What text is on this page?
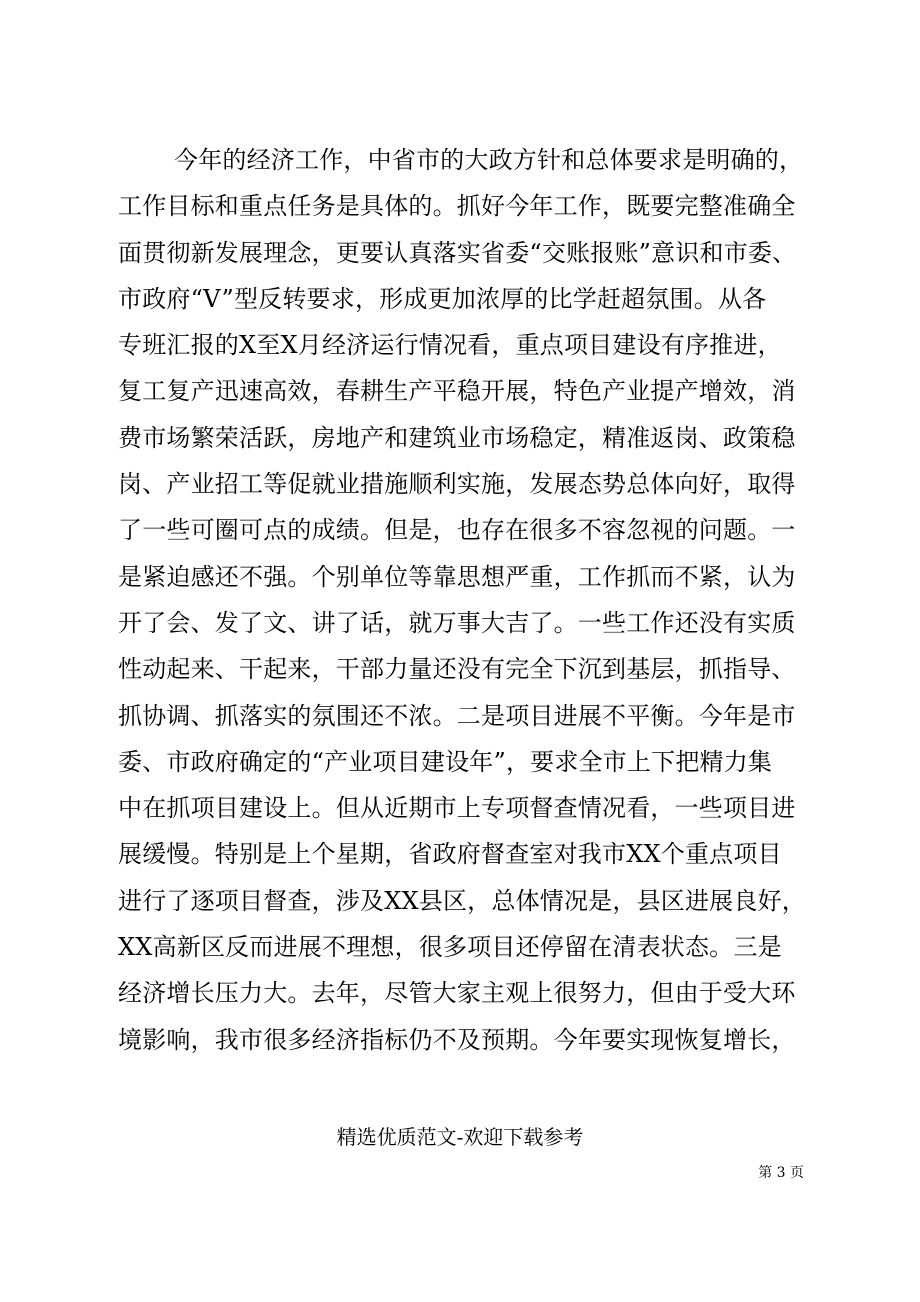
今年的经济工作，中省市的大政方针和总体要求是明确的，
工作目标和重点任务是具体的。抓好今年工作，既要完整准确全
面贯彻新发展理念，更要认真落实省委“交账报账”意识和市委、
市政府“V”型反转要求，形成更加浓厚的比学赶超氛围。从各
专班汇报的X至X月经济运行情况看，重点项目建设有序推进，
复工复产迅速高效，春耕生产平稳开展，特色产业提产增效，消
费市场繁荣活跃，房地产和建筑业市场稳定，精准返岗、政策稳
岗、产业招工等促就业措施顺利实施，发展态势总体向好，取得
了一些可圈可点的成绩。但是，也存在很多不容忽视的问题。一
是紧迫感还不强。个别单位等靠思想严重，工作抓而不紧，认为
开了会、发了文、讲了话，就万事大吉了。一些工作还没有实质
性动起来、干起来，干部力量还没有完全下沉到基层，抓指导、
抓协调、抓落实的氛围还不浓。二是项目进展不平衡。今年是市
委、市政府确定的“产业项目建设年”，要求全市上下把精力集
中在抓项目建设上。但从近期市上专项督查情况看，一些项目进
展缓慢。特别是上个星期，省政府督查室对我市XX个重点项目
进行了逐项目督查，涉及XX县区，总体情况是，县区进展良好，
XX高新区反而进展不理想，很多项目还停留在清表状态。三是
经济增长压力大。去年，尽管大家主观上很努力，但由于受大环
境影响，我市很多经济指标仍不及预期。今年要实现恢复增长，
精选优质范文-欢迎下载参考
第 3 页
